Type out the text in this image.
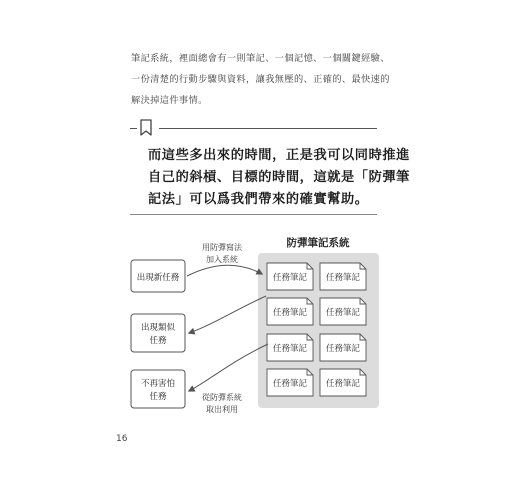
筆記系統，裡面總會有一則筆記、一個記憶、一個關鍵經驗、
一份清楚的行動步驟與資料，讓我無壓的、正確的、最快速的
解決掉這件事情。
而這些多出來的時間，正是我可以同時推進
自己的斜槓、目標的時間，這就是「防彈筆
記法」可以爲我們帶來的確實幫助。
防彈筆記系統
任務筆記 任務筆記
任務筆記 任務筆記
任務筆記 任務筆記
任務筆記 任務筆記
出現新任務
出現類似
任務
不再害怕
任務
用防彈寫法
加入系統
從防彈系統
取出利用
16
